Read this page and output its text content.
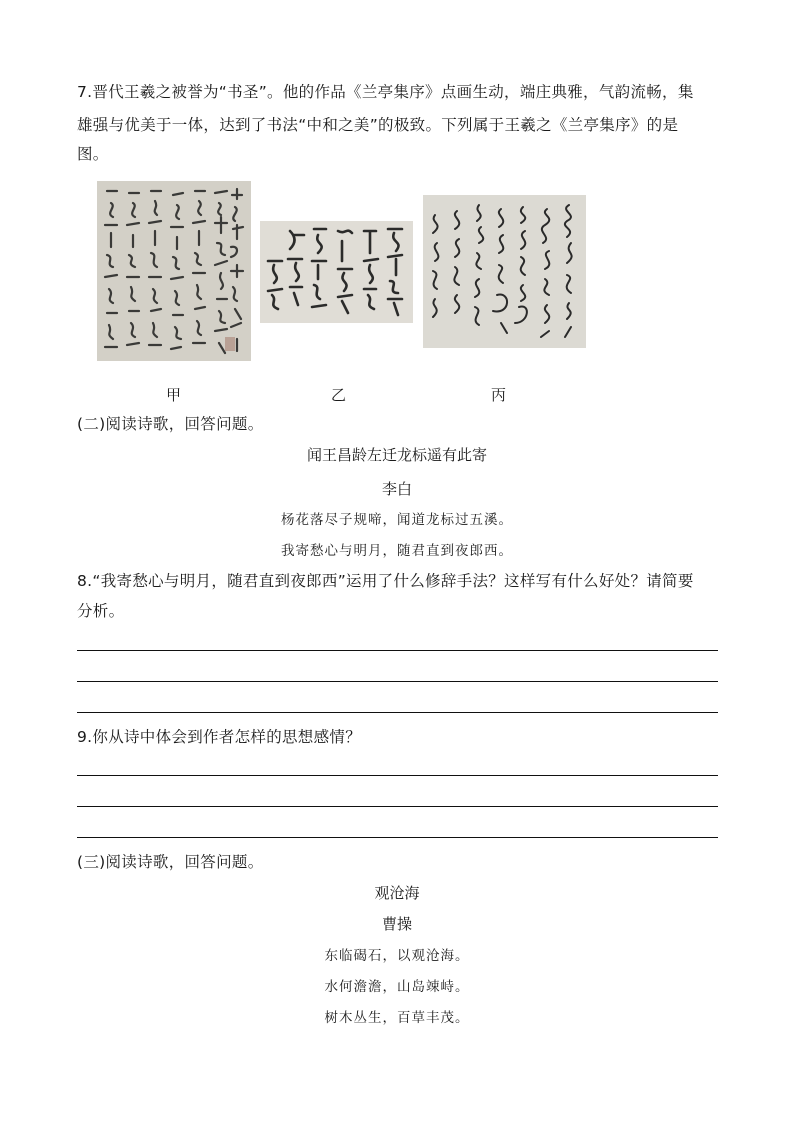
7.晋代王羲之被誉为“书圣”。他的作品《兰亭集序》点画生动，端庄典雅，气韵流畅，集
雄强与优美于一体，达到了书法“中和之美”的极致。下列属于王羲之《兰亭集序》的是
图。
甲	乙	丙
(二)阅读诗歌，回答问题。
闻王昌龄左迁龙标遥有此寄
李白
杨花落尽子规啼，闻道龙标过五溪。
我寄愁心与明月，随君直到夜郎西。
8.“我寄愁心与明月，随君直到夜郎西”运用了什么修辞手法？这样写有什么好处？请简要
分析。
9.你从诗中体会到作者怎样的思想感情？
(三)阅读诗歌，回答问题。
观沧海
曹操
东临碣石，以观沧海。
水何澹澹，山岛竦峙。
树木丛生，百草丰茂。
